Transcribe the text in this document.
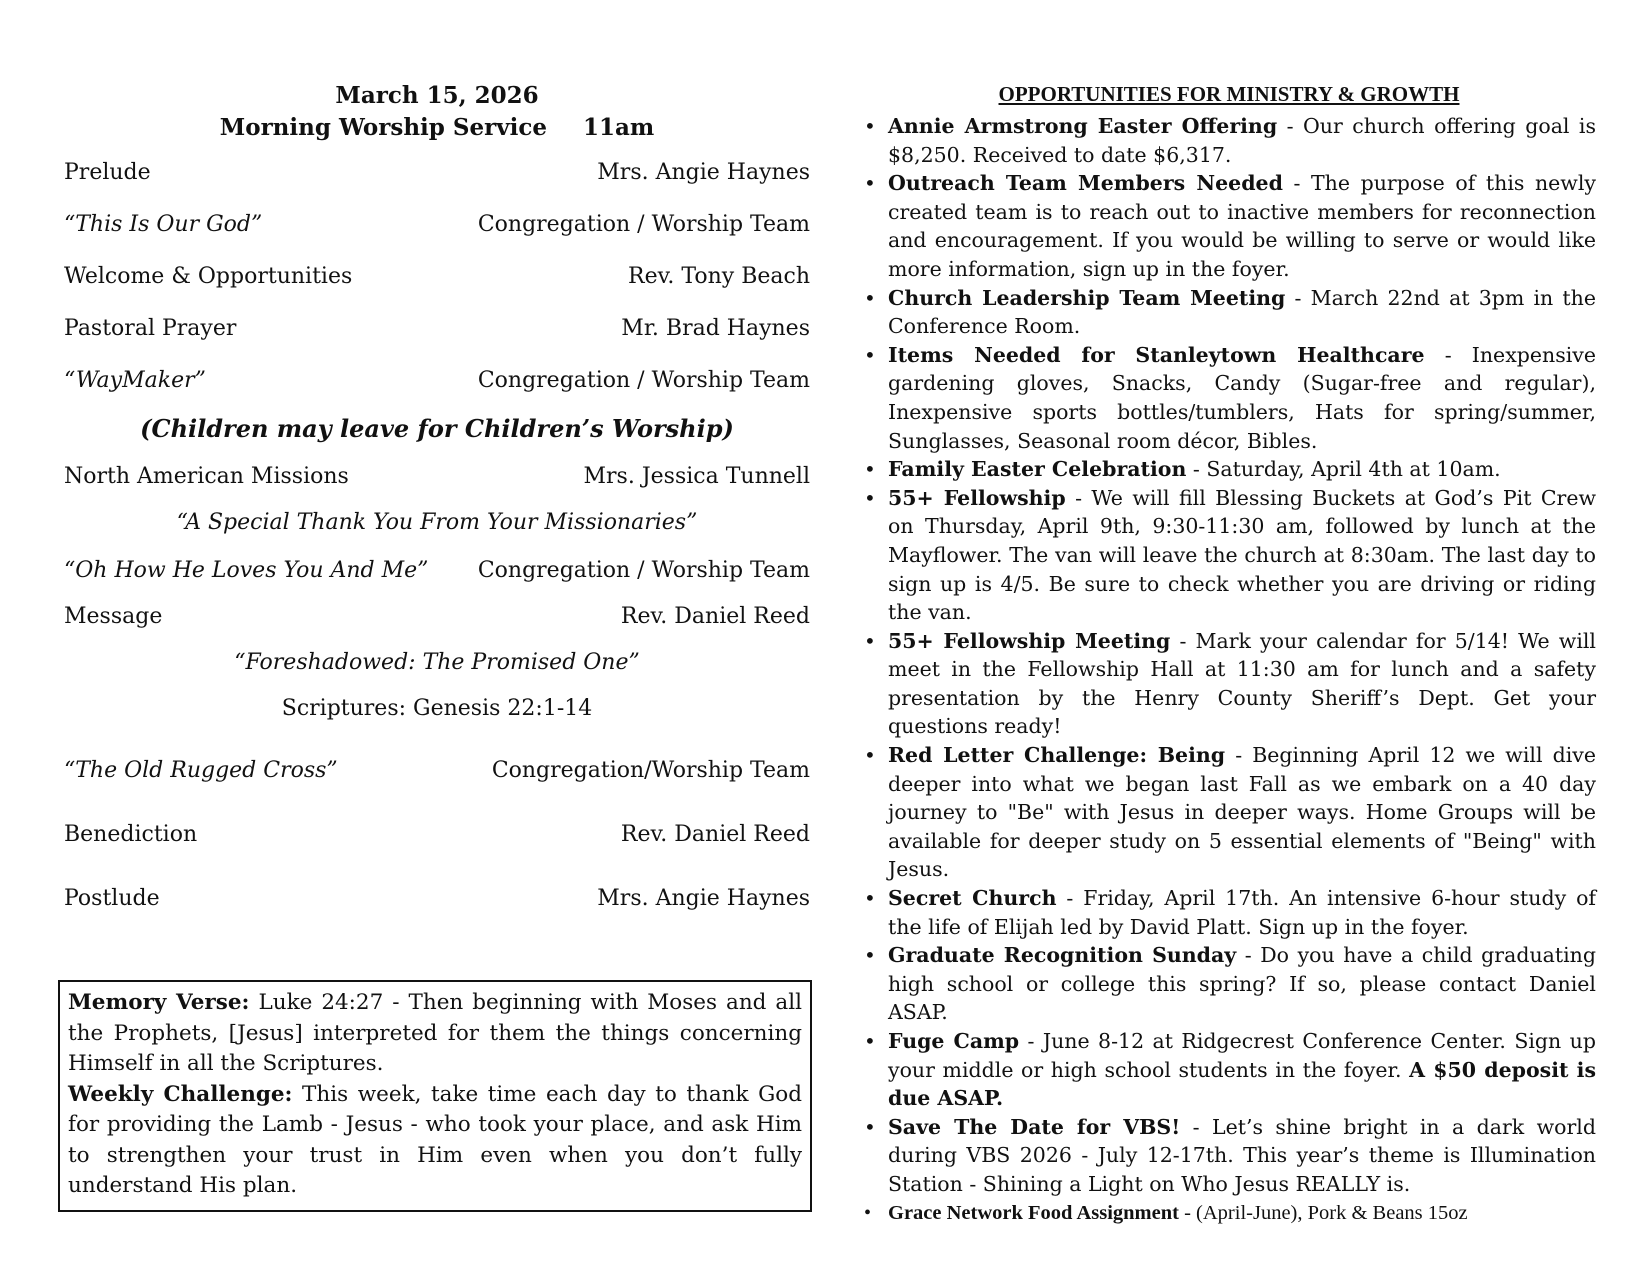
March 15, 2026
Morning Worship Service 11am
Prelude	Mrs. Angie Haynes
“This Is Our God”	Congregation / Worship Team
Welcome & Opportunities	Rev. Tony Beach
Pastoral Prayer	Mr. Brad Haynes
“WayMaker”	Congregation / Worship Team
(Children may leave for Children’s Worship)
North American Missions	Mrs. Jessica Tunnell
“A Special Thank You From Your Missionaries”
“Oh How He Loves You And Me” Congregation / Worship Team
Message	Rev. Daniel Reed
“Foreshadowed: The Promised One”
Scriptures: Genesis 22:1-14
“The Old Rugged Cross”	Congregation/Worship Team
Benediction	Rev. Daniel Reed
Postlude	Mrs. Angie Haynes
Memory Verse: Luke 24:27 - Then beginning with Moses and all the Prophets, [Jesus] interpreted for them the things concerning Himself in all the Scriptures.
Weekly Challenge: This week, take time each day to thank God for providing the Lamb - Jesus - who took your place, and ask Him to strengthen your trust in Him even when you don’t fully understand His plan.
OPPORTUNITIES FOR MINISTRY & GROWTH
• Annie Armstrong Easter Offering - Our church offering goal is $8,250. Received to date $6,317.
• Outreach Team Members Needed - The purpose of this newly created team is to reach out to inactive members for reconnection and encouragement. If you would be willing to serve or would like more information, sign up in the foyer.
• Church Leadership Team Meeting - March 22nd at 3pm in the Conference Room.
• Items Needed for Stanleytown Healthcare - Inexpensive gardening gloves, Snacks, Candy (Sugar-free and regular), Inexpensive sports bottles/tumblers, Hats for spring/summer, Sunglasses, Seasonal room décor, Bibles.
• Family Easter Celebration - Saturday, April 4th at 10am.
• 55+ Fellowship - We will fill Blessing Buckets at God’s Pit Crew on Thursday, April 9th, 9:30-11:30 am, followed by lunch at the Mayflower. The van will leave the church at 8:30am. The last day to sign up is 4/5. Be sure to check whether you are driving or riding the van.
• 55+ Fellowship Meeting - Mark your calendar for 5/14! We will meet in the Fellowship Hall at 11:30 am for lunch and a safety presentation by the Henry County Sheriff’s Dept. Get your questions ready!
• Red Letter Challenge: Being - Beginning April 12 we will dive deeper into what we began last Fall as we embark on a 40 day journey to "Be" with Jesus in deeper ways. Home Groups will be available for deeper study on 5 essential elements of "Being" with Jesus.
• Secret Church - Friday, April 17th. An intensive 6-hour study of the life of Elijah led by David Platt. Sign up in the foyer.
• Graduate Recognition Sunday - Do you have a child graduating high school or college this spring? If so, please contact Daniel ASAP.
• Fuge Camp - June 8-12 at Ridgecrest Conference Center. Sign up your middle or high school students in the foyer. A $50 deposit is due ASAP.
• Save The Date for VBS! - Let’s shine bright in a dark world during VBS 2026 - July 12-17th. This year’s theme is Illumination Station - Shining a Light on Who Jesus REALLY is.
• Grace Network Food Assignment - (April-June), Pork & Beans 15oz
